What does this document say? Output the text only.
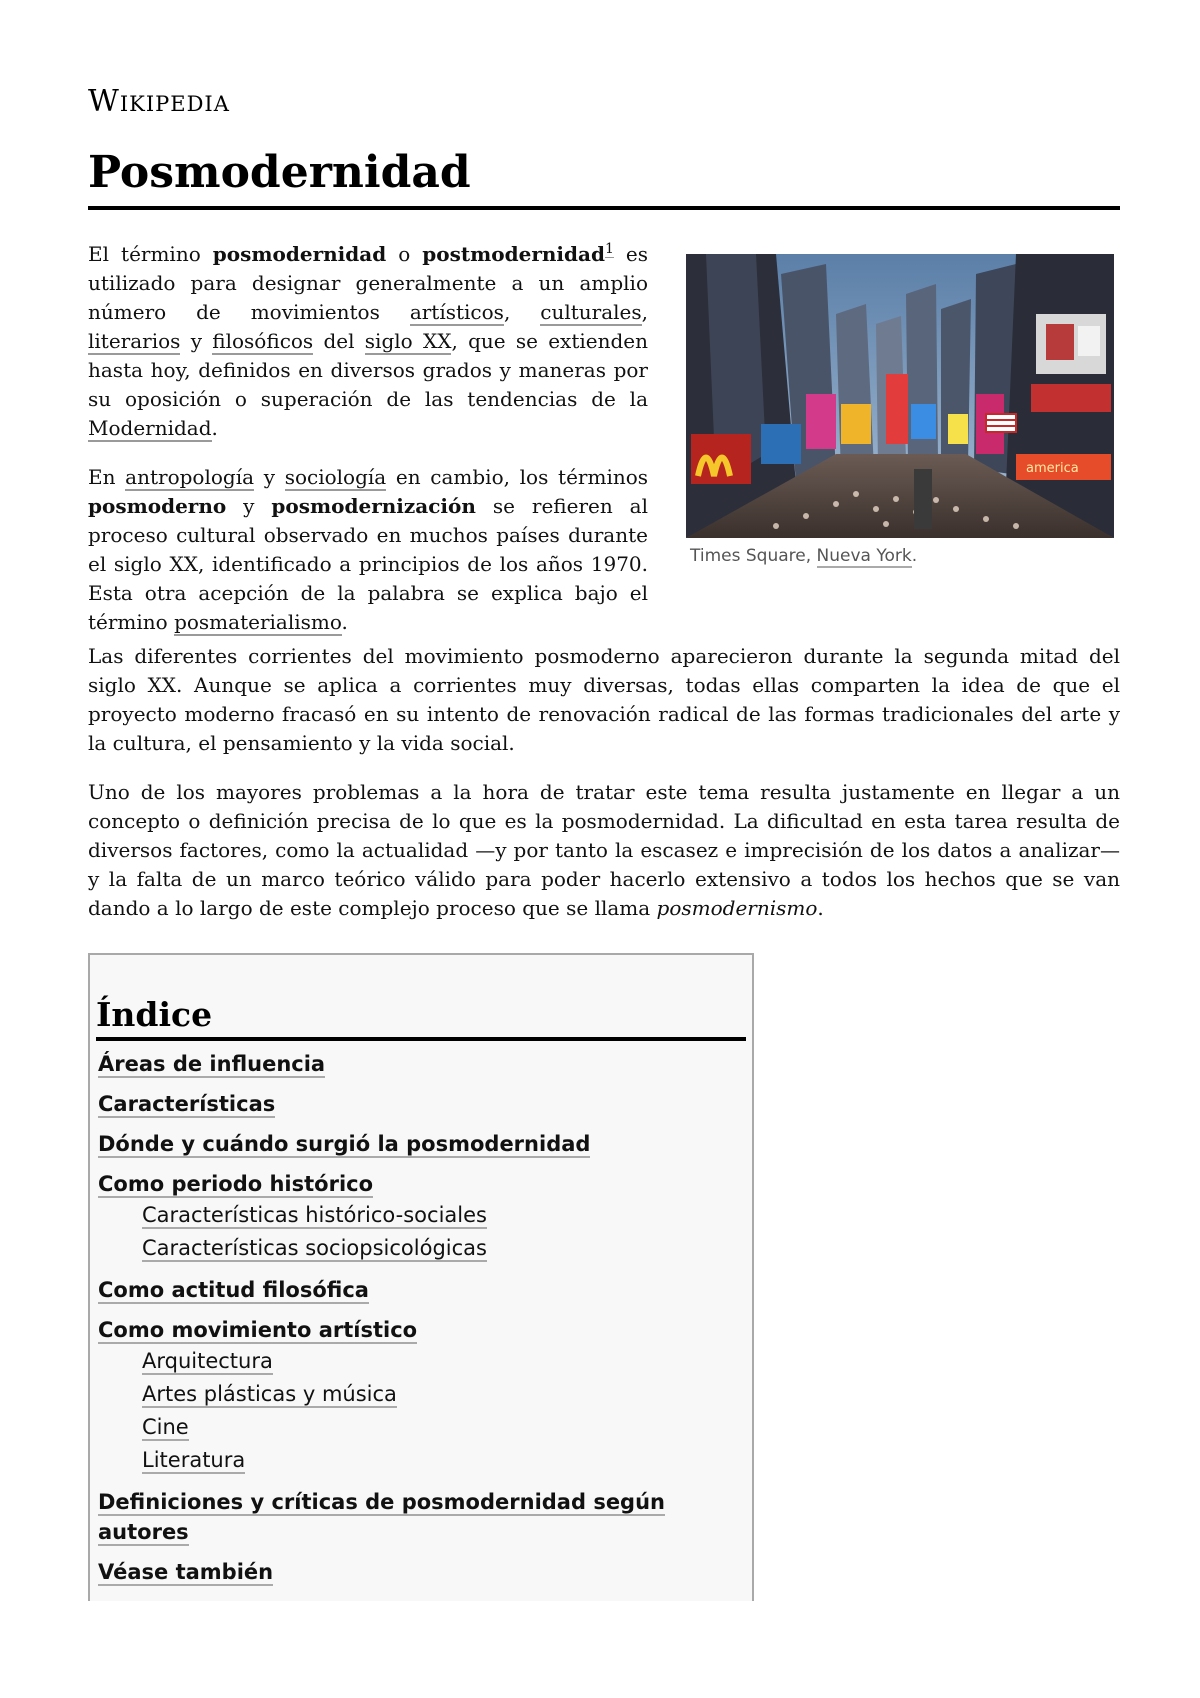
Wikipedia
Posmodernidad

El término posmodernidad o postmodernidad$^1$ es utilizado para designar generalmente a un amplio número de movimientos artísticos, culturales, literarios y filosóficos del siglo XX, que se extienden hasta hoy, definidos en diversos grados y maneras por su oposición o superación de las tendencias de la Modernidad.

En antropología y sociología en cambio, los términos posmoderno y posmodernización se refieren al proceso cultural observado en muchos países durante el siglo XX, identificado a principios de los años 1970. Esta otra acepción de la palabra se explica bajo el término posmaterialismo.

america
Times Square, Nueva York.

Las diferentes corrientes del movimiento posmoderno aparecieron durante la segunda mitad del siglo XX. Aunque se aplica a corrientes muy diversas, todas ellas comparten la idea de que el proyecto moderno fracasó en su intento de renovación radical de las formas tradicionales del arte y la cultura, el pensamiento y la vida social.

Uno de los mayores problemas a la hora de tratar este tema resulta justamente en llegar a un concepto o definición precisa de lo que es la posmodernidad. La dificultad en esta tarea resulta de diversos factores, como la actualidad —y por tanto la escasez e imprecisión de los datos a analizar— y la falta de un marco teórico válido para poder hacerlo extensivo a todos los hechos que se van dando a lo largo de este complejo proceso que se llama posmodernismo.

Índice
Áreas de influencia
Características
Dónde y cuándo surgió la posmodernidad
Como periodo histórico
Características histórico-sociales
Características sociopsicológicas
Como actitud filosófica
Como movimiento artístico
Arquitectura
Artes plásticas y música
Cine
Literatura
Definiciones y críticas de posmodernidad según autores
Véase también
